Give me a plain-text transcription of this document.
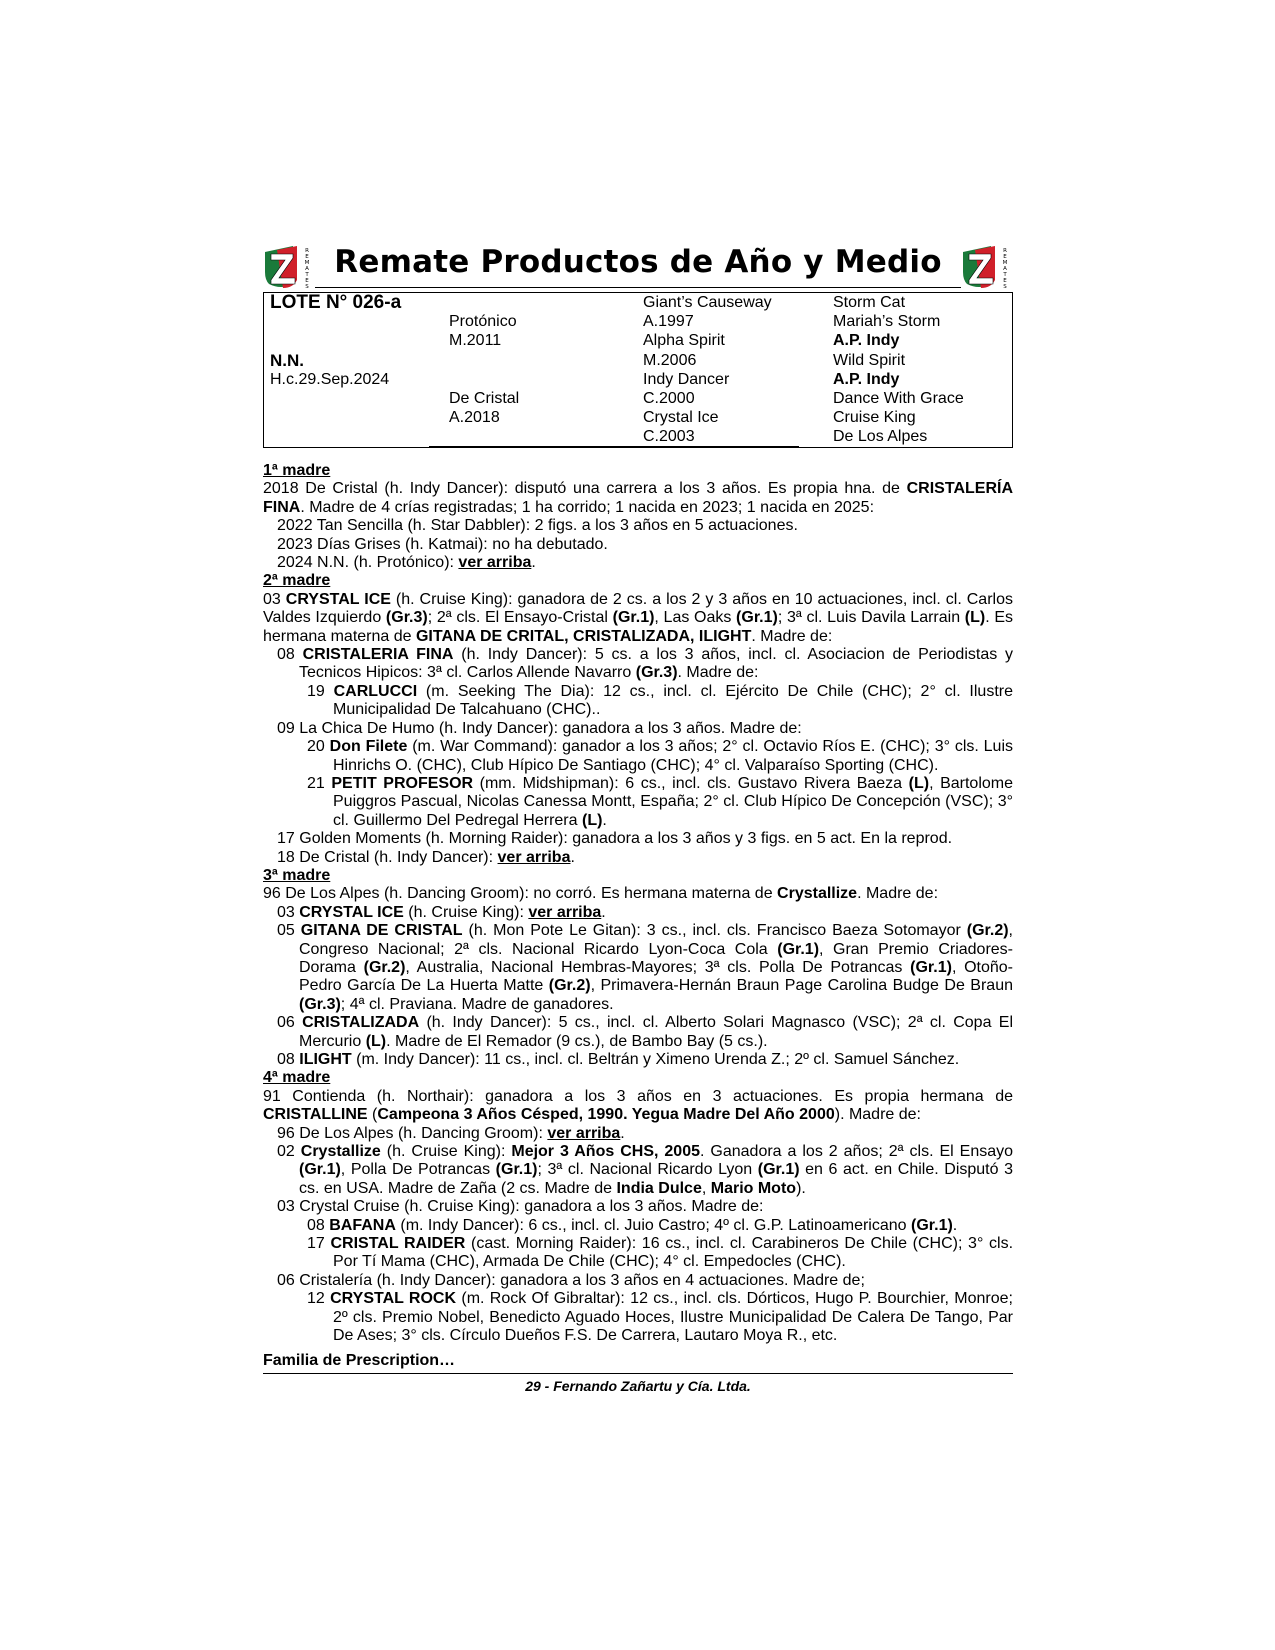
R
E
M
A
T
E
S
Remate Productos de Año y Medio	R
E
M
A
T
E
S
LOTE N° 026-a
N.N.
H.c.29.Sep.2024
Protónico
M.2011
De Cristal
A.2018
Giant’s Causeway
A.1997
Alpha Spirit
M.2006
Indy Dancer
C.2000
Crystal Ice
C.2003
Storm Cat
Mariah’s Storm
A.P. Indy
Wild Spirit
A.P. Indy
Dance With Grace
Cruise King
De Los Alpes

1ª madre

2018 De Cristal (h. Indy Dancer): disputó una carrera a los 3 años. Es propia hna. de CRISTALERÍA FINA. Madre de 4 crías registradas; 1 ha corrido; 1 nacida en 2023; 1 nacida en 2025:

2022 Tan Sencilla (h. Star Dabbler): 2 figs. a los 3 años en 5 actuaciones.

2023 Días Grises (h. Katmai): no ha debutado.

2024 N.N. (h. Protónico): ver arriba.

2ª madre

03 CRYSTAL ICE (h. Cruise King): ganadora de 2 cs. a los 2 y 3 años en 10 actuaciones, incl. cl. Carlos Valdes Izquierdo (Gr.3); 2ª cls. El Ensayo-Cristal (Gr.1), Las Oaks (Gr.1); 3ª cl. Luis Davila Larrain (L). Es hermana materna de GITANA DE CRITAL, CRISTALIZADA, ILIGHT. Madre de:

08 CRISTALERIA FINA (h. Indy Dancer): 5 cs. a los 3 años, incl. cl. Asociacion de Periodistas y Tecnicos Hipicos: 3ª cl. Carlos Allende Navarro (Gr.3). Madre de:

19 CARLUCCI (m. Seeking The Dia): 12 cs., incl. cl. Ejército De Chile (CHC); 2° cl. Ilustre Municipalidad De Talcahuano (CHC)..

09 La Chica De Humo (h. Indy Dancer): ganadora a los 3 años. Madre de:

20 Don Filete (m. War Command): ganador a los 3 años; 2° cl. Octavio Ríos E. (CHC); 3° cls. Luis Hinrichs O. (CHC), Club Hípico De Santiago (CHC); 4° cl. Valparaíso Sporting (CHC).

21 PETIT PROFESOR (mm. Midshipman): 6 cs., incl. cls. Gustavo Rivera Baeza (L), Bartolome Puiggros Pascual, Nicolas Canessa Montt, España; 2° cl. Club Hípico De Concepción (VSC); 3° cl. Guillermo Del Pedregal Herrera (L).

17 Golden Moments (h. Morning Raider): ganadora a los 3 años y 3 figs. en 5 act. En la reprod.

18 De Cristal (h. Indy Dancer): ver arriba.

3ª madre

96 De Los Alpes (h. Dancing Groom): no corró. Es hermana materna de Crystallize. Madre de:

03 CRYSTAL ICE (h. Cruise King): ver arriba.

05 GITANA DE CRISTAL (h. Mon Pote Le Gitan): 3 cs., incl. cls. Francisco Baeza Sotomayor (Gr.2), Congreso Nacional; 2ª cls. Nacional Ricardo Lyon-Coca Cola (Gr.1), Gran Premio Criadores-Dorama (Gr.2), Australia, Nacional Hembras-Mayores; 3ª cls. Polla De Potrancas (Gr.1), Otoño-Pedro García De La Huerta Matte (Gr.2), Primavera-Hernán Braun Page Carolina Budge De Braun (Gr.3); 4ª cl. Praviana. Madre de ganadores.

06 CRISTALIZADA (h. Indy Dancer): 5 cs., incl. cl. Alberto Solari Magnasco (VSC); 2ª cl. Copa El Mercurio (L). Madre de El Remador (9 cs.), de Bambo Bay (5 cs.).

08 ILIGHT (m. Indy Dancer): 11 cs., incl. cl. Beltrán y Ximeno Urenda Z.; 2º cl. Samuel Sánchez.

4ª madre

91 Contienda (h. Northair): ganadora a los 3 años en 3 actuaciones. Es propia hermana de CRISTALLINE (Campeona 3 Años Césped, 1990. Yegua Madre Del Año 2000). Madre de:

96 De Los Alpes (h. Dancing Groom): ver arriba.

02 Crystallize (h. Cruise King): Mejor 3 Años CHS, 2005. Ganadora a los 2 años; 2ª cls. El Ensayo (Gr.1), Polla De Potrancas (Gr.1); 3ª cl. Nacional Ricardo Lyon (Gr.1) en 6 act. en Chile. Disputó 3 cs. en USA. Madre de Zaña (2 cs. Madre de India Dulce, Mario Moto).

03 Crystal Cruise (h. Cruise King): ganadora a los 3 años. Madre de:

08 BAFANA (m. Indy Dancer): 6 cs., incl. cl. Juio Castro; 4º cl. G.P. Latinoamericano (Gr.1).

17 CRISTAL RAIDER (cast. Morning Raider): 16 cs., incl. cl. Carabineros De Chile (CHC); 3° cls. Por Tí Mama (CHC), Armada De Chile (CHC); 4° cl. Empedocles (CHC).

06 Cristalería (h. Indy Dancer): ganadora a los 3 años en 4 actuaciones. Madre de;

12 CRYSTAL ROCK (m. Rock Of Gibraltar): 12 cs., incl. cls. Dórticos, Hugo P. Bourchier, Monroe; 2º cls. Premio Nobel, Benedicto Aguado Hoces, Ilustre Municipalidad De Calera De Tango, Par De Ases; 3° cls. Círculo Dueños F.S. De Carrera, Lautaro Moya R., etc.

Familia de Prescription…

29 - Fernando Zañartu y Cía. Ltda.
